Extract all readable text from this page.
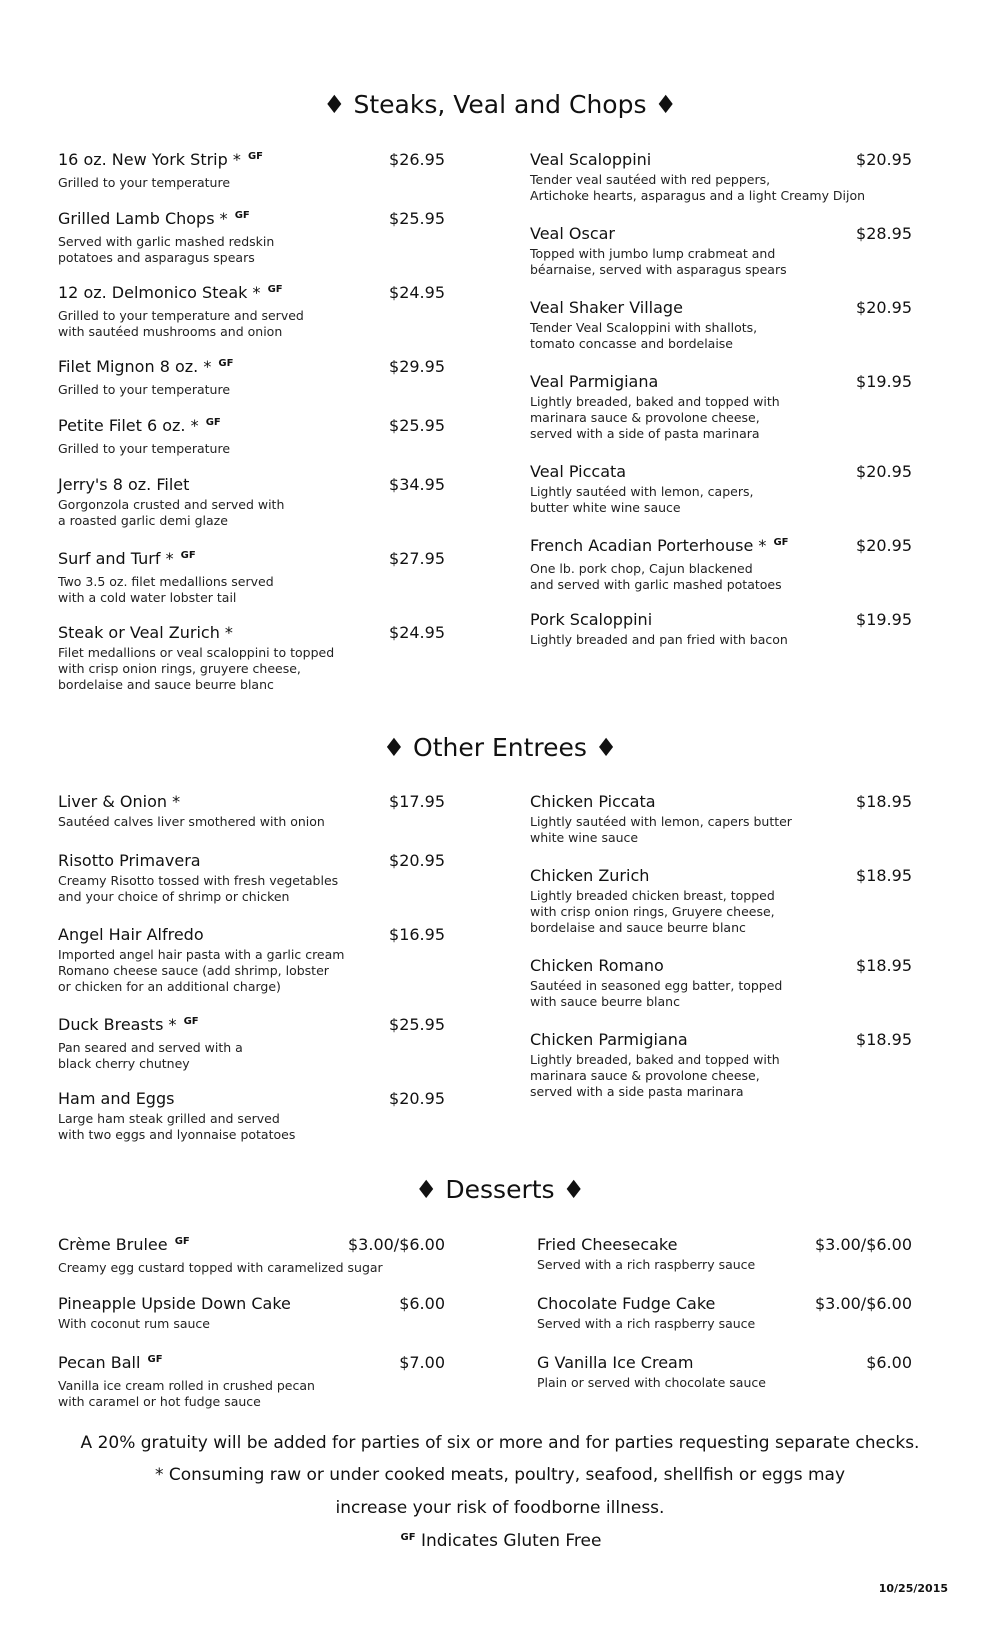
♦ Steaks, Veal and Chops ♦
♦ Other Entrees ♦
♦ Desserts ♦
16 oz. New York Strip * $^{GF}$	$26.95
Grilled to your temperature
Grilled Lamb Chops * $^{GF}$	$25.95
Served with garlic mashed redskin
potatoes and asparagus spears
12 oz. Delmonico Steak * $^{GF}$	$24.95
Grilled to your temperature and served
with sautéed mushrooms and onion
Filet Mignon 8 oz. * $^{GF}$	$29.95
Grilled to your temperature
Petite Filet 6 oz. * $^{GF}$	$25.95
Grilled to your temperature
Jerry's 8 oz. Filet	$34.95
Gorgonzola crusted and served with
a roasted garlic demi glaze
Surf and Turf * $^{GF}$	$27.95
Two 3.5 oz. filet medallions served
with a cold water lobster tail
Steak or Veal Zurich *	$24.95
Filet medallions or veal scaloppini to topped
with crisp onion rings, gruyere cheese,
bordelaise and sauce beurre blanc
Veal Scaloppini	$20.95
Tender veal sautéed with red peppers,
Artichoke hearts, asparagus and a light Creamy Dijon
Veal Oscar	$28.95
Topped with jumbo lump crabmeat and
béarnaise, served with asparagus spears
Veal Shaker Village	$20.95
Tender Veal Scaloppini with shallots,
tomato concasse and bordelaise
Veal Parmigiana	$19.95
Lightly breaded, baked and topped with
marinara sauce & provolone cheese,
served with a side of pasta marinara
Veal Piccata	$20.95
Lightly sautéed with lemon, capers,
butter white wine sauce
French Acadian Porterhouse * $^{GF}$	$20.95
One lb. pork chop, Cajun blackened
and served with garlic mashed potatoes
Pork Scaloppini	$19.95
Lightly breaded and pan fried with bacon
Liver & Onion *	$17.95
Sautéed calves liver smothered with onion
Risotto Primavera	$20.95
Creamy Risotto tossed with fresh vegetables
and your choice of shrimp or chicken
Angel Hair Alfredo	$16.95
Imported angel hair pasta with a garlic cream
Romano cheese sauce (add shrimp, lobster
or chicken for an additional charge)
Duck Breasts * $^{GF}$	$25.95
Pan seared and served with a
black cherry chutney
Ham and Eggs	$20.95
Large ham steak grilled and served
with two eggs and lyonnaise potatoes
Chicken Piccata	$18.95
Lightly sautéed with lemon, capers butter
white wine sauce
Chicken Zurich	$18.95
Lightly breaded chicken breast, topped
with crisp onion rings, Gruyere cheese,
bordelaise and sauce beurre blanc
Chicken Romano	$18.95
Sautéed in seasoned egg batter, topped
with sauce beurre blanc
Chicken Parmigiana	$18.95
Lightly breaded, baked and topped with
marinara sauce & provolone cheese,
served with a side pasta marinara
Crème Brulee $^{GF}$	$3.00/$6.00
Creamy egg custard topped with caramelized sugar
Pineapple Upside Down Cake	$6.00
With coconut rum sauce
Pecan Ball $^{GF}$	$7.00
Vanilla ice cream rolled in crushed pecan
with caramel or hot fudge sauce
Fried Cheesecake	$3.00/$6.00
Served with a rich raspberry sauce
Chocolate Fudge Cake	$3.00/$6.00
Served with a rich raspberry sauce
G Vanilla Ice Cream	$6.00
Plain or served with chocolate sauce
A 20% gratuity will be added for parties of six or more and for parties requesting separate checks.
* Consuming raw or under cooked meats, poultry, seafood, shellfish or eggs may
increase your risk of foodborne illness.
$^{GF}$ Indicates Gluten Free
10/25/2015
